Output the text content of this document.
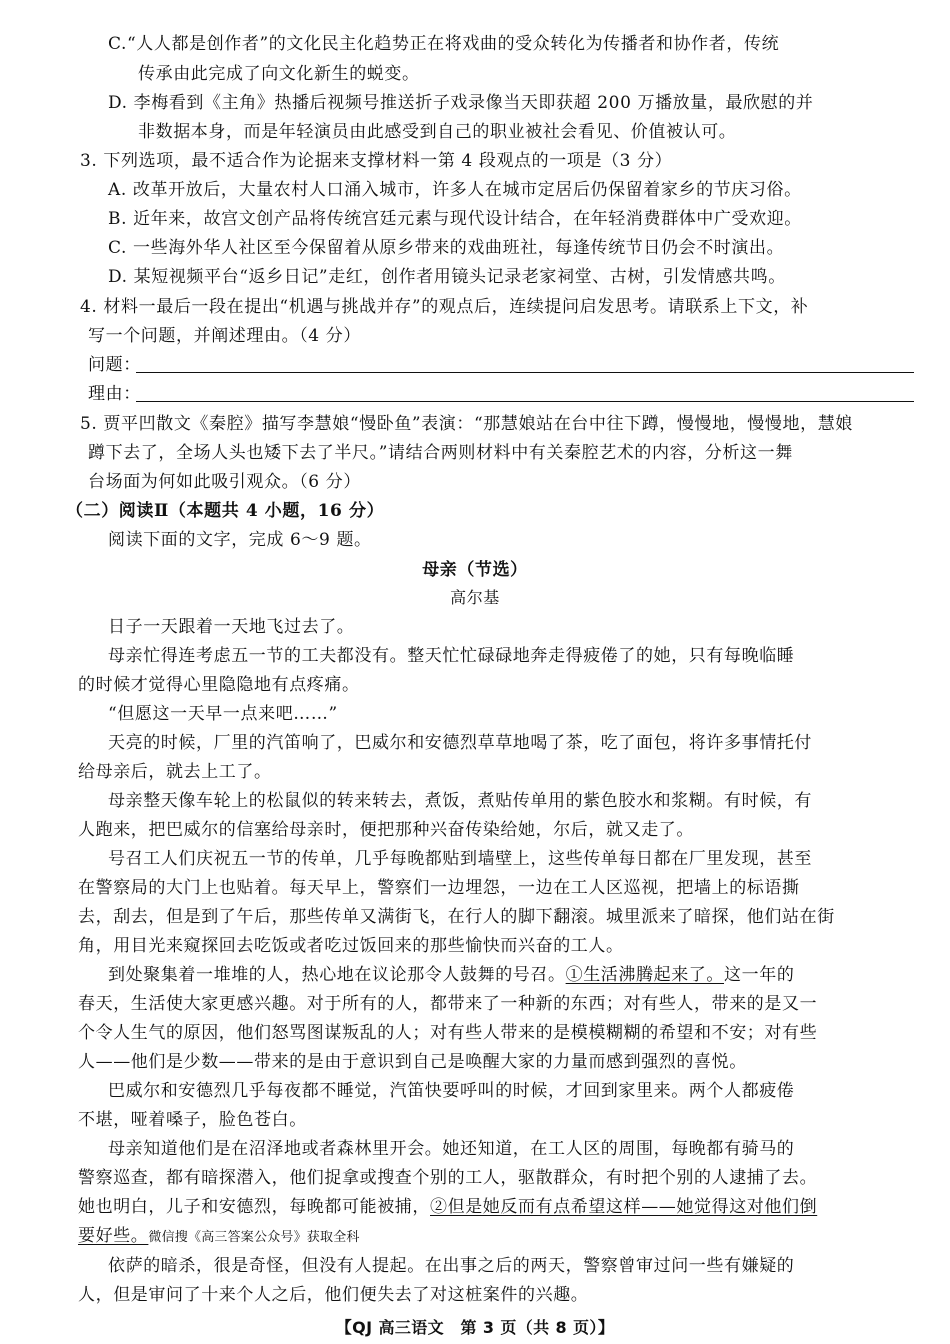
C.“人人都是创作者”的文化民主化趋势正在将戏曲的受众转化为传播者和协作者，传统
传承由此完成了向文化新生的蜕变。
D. 李梅看到《主角》热播后视频号推送折子戏录像当天即获超 200 万播放量，最欣慰的并
非数据本身，而是年轻演员由此感受到自己的职业被社会看见、价值被认可。
3. 下列选项，最不适合作为论据来支撑材料一第 4 段观点的一项是（3 分）
A. 改革开放后，大量农村人口涌入城市，许多人在城市定居后仍保留着家乡的节庆习俗。
B. 近年来，故宫文创产品将传统宫廷元素与现代设计结合，在年轻消费群体中广受欢迎。
C. 一些海外华人社区至今保留着从原乡带来的戏曲班社，每逢传统节日仍会不时演出。
D. 某短视频平台“返乡日记”走红，创作者用镜头记录老家祠堂、古树，引发情感共鸣。
4. 材料一最后一段在提出“机遇与挑战并存”的观点后，连续提问启发思考。请联系上下文，补
写一个问题，并阐述理由。（4 分）
问题：
理由：
5. 贾平凹散文《秦腔》描写李慧娘“慢卧鱼”表演：“那慧娘站在台中往下蹲，慢慢地，慢慢地，慧娘
蹲下去了，全场人头也矮下去了半尺。”请结合两则材料中有关秦腔艺术的内容，分析这一舞
台场面为何如此吸引观众。（6 分）
（二）阅读Ⅱ（本题共 4 小题，16 分）
阅读下面的文字，完成 6～9 题。
母亲（节选）
高尔基
日子一天跟着一天地飞过去了。
母亲忙得连考虑五一节的工夫都没有。整天忙忙碌碌地奔走得疲倦了的她，只有每晚临睡
的时候才觉得心里隐隐地有点疼痛。
“但愿这一天早一点来吧……”
天亮的时候，厂里的汽笛响了，巴威尔和安德烈草草地喝了茶，吃了面包，将许多事情托付
给母亲后，就去上工了。
母亲整天像车轮上的松鼠似的转来转去，煮饭，煮贴传单用的紫色胶水和浆糊。有时候，有
人跑来，把巴威尔的信塞给母亲时，便把那种兴奋传染给她，尔后，就又走了。
号召工人们庆祝五一节的传单，几乎每晚都贴到墙壁上，这些传单每日都在厂里发现，甚至
在警察局的大门上也贴着。每天早上，警察们一边埋怨，一边在工人区巡视，把墙上的标语撕
去，刮去，但是到了午后，那些传单又满街飞，在行人的脚下翻滚。城里派来了暗探，他们站在街
角，用目光来窥探回去吃饭或者吃过饭回来的那些愉快而兴奋的工人。
到处聚集着一堆堆的人，热心地在议论那令人鼓舞的号召。①生活沸腾起来了。这一年的
春天，生活使大家更感兴趣。对于所有的人，都带来了一种新的东西；对有些人，带来的是又一
个令人生气的原因，他们怒骂图谋叛乱的人；对有些人带来的是模模糊糊的希望和不安；对有些
人——他们是少数——带来的是由于意识到自己是唤醒大家的力量而感到强烈的喜悦。
巴威尔和安德烈几乎每夜都不睡觉，汽笛快要呼叫的时候，才回到家里来。两个人都疲倦
不堪，哑着嗓子，脸色苍白。
母亲知道他们是在沼泽地或者森林里开会。她还知道，在工人区的周围，每晚都有骑马的
警察巡查，都有暗探潜入，他们捉拿或搜查个别的工人，驱散群众，有时把个别的人逮捕了去。
她也明白，儿子和安德烈，每晚都可能被捕，②但是她反而有点希望这样——她觉得这对他们倒
要好些。微信搜《高三答案公众号》获取全科
依萨的暗杀，很是奇怪，但没有人提起。在出事之后的两天，警察曾审过问一些有嫌疑的
人，但是审问了十来个人之后，他们便失去了对这桩案件的兴趣。
【QJ 高三语文　第 3 页（共 8 页）】
